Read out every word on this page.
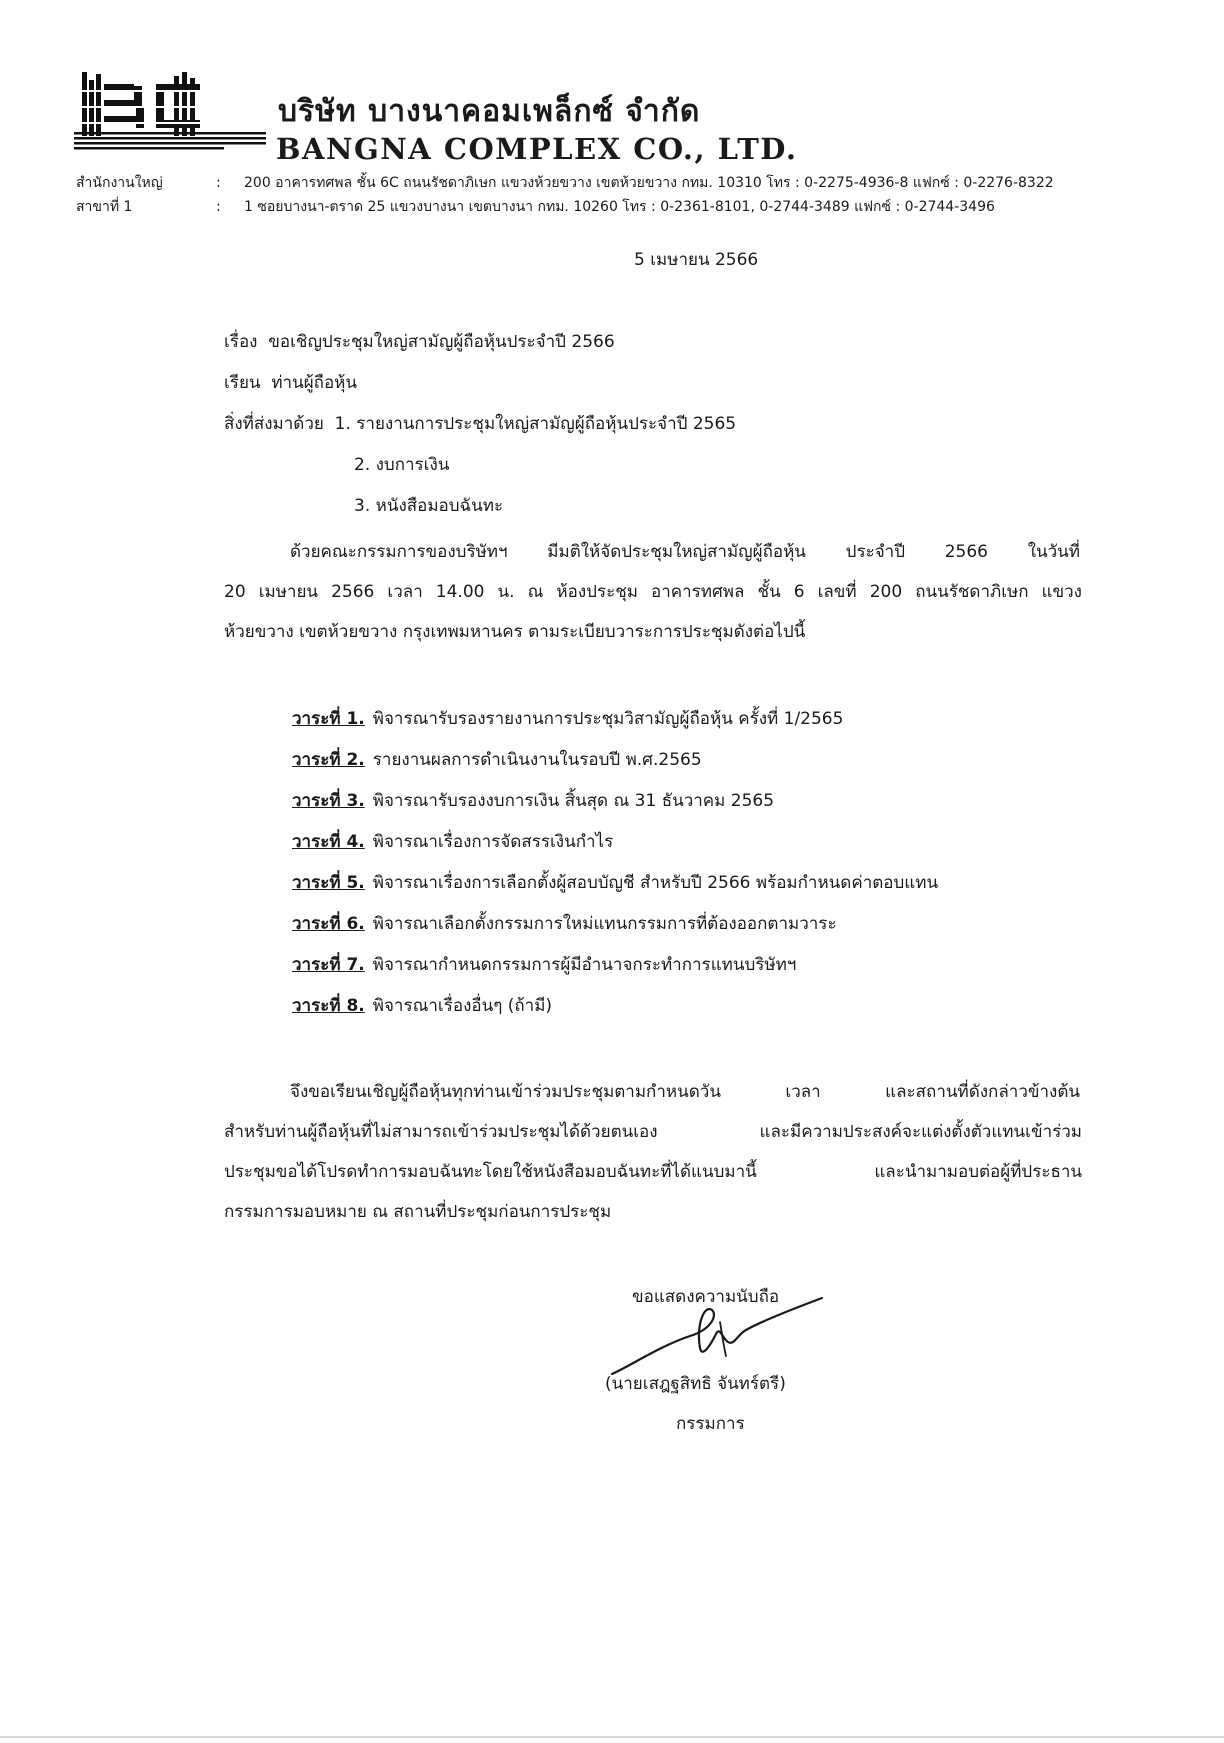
บริษัท บางนาคอมเพล็กซ์ จำกัด
BANGNA COMPLEX CO., LTD.
สำนักงานใหญ่	: 200 อาคารทศพล ชั้น 6C ถนนรัชดาภิเษก แขวงห้วยขวาง เขตห้วยขวาง กทม. 10310 โทร : 0-2275-4936-8 แฟกซ์ : 0-2276-8322
สาขาที่ 1	: 1 ซอยบางนา-ตราด 25 แขวงบางนา เขตบางนา กทม. 10260 โทร : 0-2361-8101, 0-2744-3489 แฟกซ์ : 0-2744-3496
5 เมษายน 2566
เรื่อง ขอเชิญประชุมใหญ่สามัญผู้ถือหุ้นประจำปี 2566
เรียน ท่านผู้ถือหุ้น
สิ่งที่ส่งมาด้วย 1. รายงานการประชุมใหญ่สามัญผู้ถือหุ้นประจำปี 2565
2. งบการเงิน
3. หนังสือมอบฉันทะ
ด้วยคณะกรรมการของบริษัทฯ มีมติให้จัดประชุมใหญ่สามัญผู้ถือหุ้น ประจำปี 2566 ในวันที่
20 เมษายน 2566 เวลา 14.00 น. ณ ห้องประชุม อาคารทศพล ชั้น 6 เลขที่ 200 ถนนรัชดาภิเษก แขวง
ห้วยขวาง เขตห้วยขวาง กรุงเทพมหานคร ตามระเบียบวาระการประชุมดังต่อไปนี้
วาระที่ 1. พิจารณารับรองรายงานการประชุมวิสามัญผู้ถือหุ้น ครั้งที่ 1/2565
วาระที่ 2. รายงานผลการดำเนินงานในรอบปี พ.ศ.2565
วาระที่ 3. พิจารณารับรองงบการเงิน สิ้นสุด ณ 31 ธันวาคม 2565
วาระที่ 4. พิจารณาเรื่องการจัดสรรเงินกำไร
วาระที่ 5. พิจารณาเรื่องการเลือกตั้งผู้สอบบัญชี สำหรับปี 2566 พร้อมกำหนดค่าตอบแทน
วาระที่ 6. พิจารณาเลือกตั้งกรรมการใหม่แทนกรรมการที่ต้องออกตามวาระ
วาระที่ 7. พิจารณากำหนดกรรมการผู้มีอำนาจกระทำการแทนบริษัทฯ
วาระที่ 8. พิจารณาเรื่องอื่นๆ (ถ้ามี)
จึงขอเรียนเชิญผู้ถือหุ้นทุกท่านเข้าร่วมประชุมตามกำหนดวัน เวลา และสถานที่ดังกล่าวข้างต้น
สำหรับท่านผู้ถือหุ้นที่ไม่สามารถเข้าร่วมประชุมได้ด้วยตนเอง และมีความประสงค์จะแต่งตั้งตัวแทนเข้าร่วม
ประชุมขอได้โปรดทำการมอบฉันทะโดยใช้หนังสือมอบฉันทะที่ได้แนบมานี้ และนำมามอบต่อผู้ที่ประธาน
กรรมการมอบหมาย ณ สถานที่ประชุมก่อนการประชุม
ขอแสดงความนับถือ
(นายเสฎฐสิทธิ จันทร์ตรี)
กรรมการ
